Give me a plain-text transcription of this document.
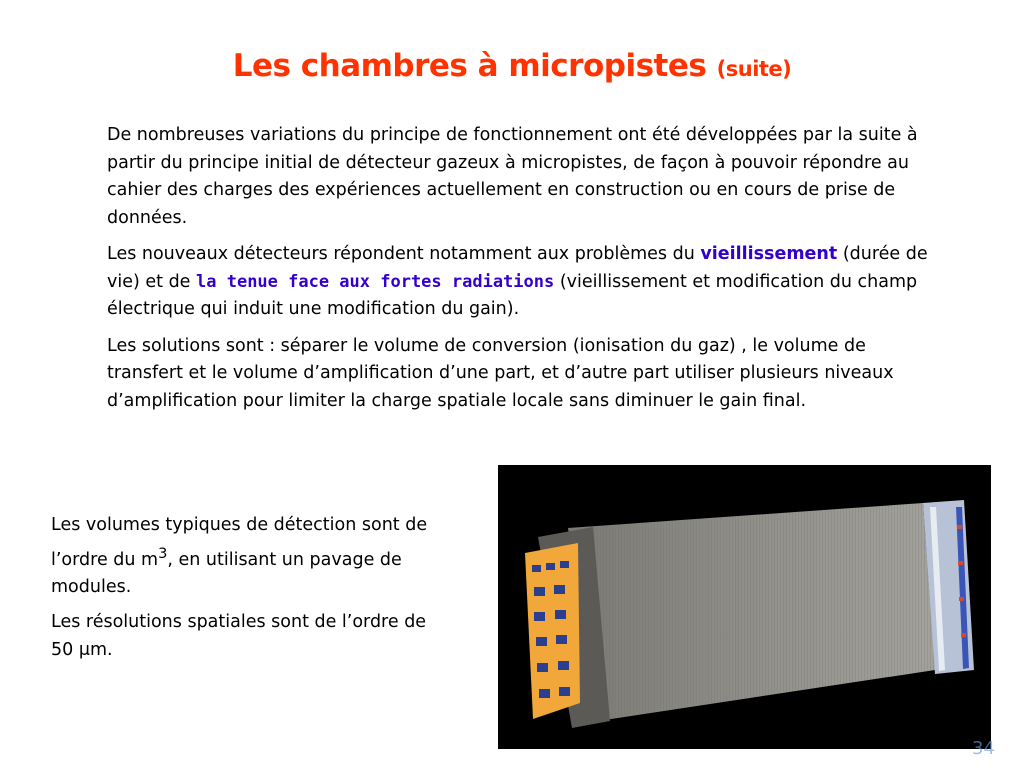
Les chambres à micropistes (suite)

De nombreuses variations du principe de fonctionnement ont été développées par la suite à partir du principe initial de détecteur gazeux à micropistes, de façon à pouvoir répondre au cahier des charges des expériences actuellement en construction ou en cours de prise de données.

Les nouveaux détecteurs répondent notamment aux problèmes du vieillissement (durée de vie) et de la tenue face aux fortes radiations (vieillissement et modification du champ électrique qui induit une modification du gain).

Les solutions sont : séparer le volume de conversion (ionisation du gaz) , le volume de transfert et le volume d’amplification d’une part, et d’autre part utiliser plusieurs niveaux d’amplification pour limiter la charge spatiale locale sans diminuer le gain final.

Les volumes typiques de détection sont de l’ordre du $m^3$, en utilisant un pavage de modules.

Les résolutions spatiales sont de l’ordre de 50 μm.

34
